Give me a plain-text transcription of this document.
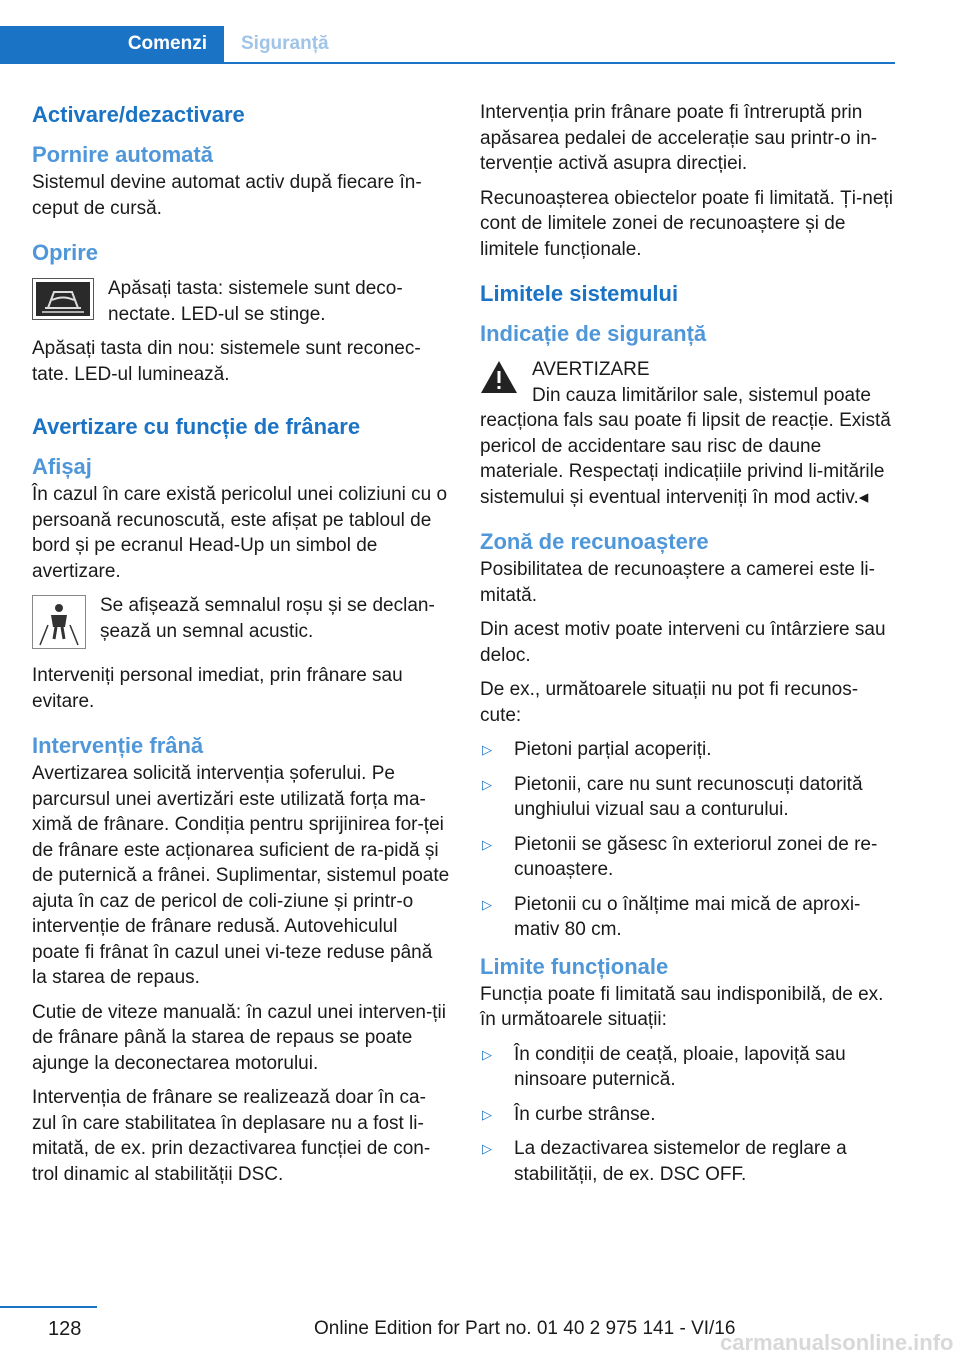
Comenzi	Siguranță
Activare/dezactivare
Pornire automată

Sistemul devine automat activ după fiecare în-ceput de cursă.

Oprire

Apăsați tasta: sistemele sunt deco-nectate. LED-ul se stinge.

Apăsați tasta din nou: sistemele sunt reconec-tate. LED-ul luminează.

Avertizare cu funcție de frânare
Afișaj

În cazul în care există pericolul unei coliziuni cu o persoană recunoscută, este afișat pe tabloul de bord și pe ecranul Head-Up un simbol de avertizare.

Se afișează semnalul roșu și se declan-șează un semnal acustic.

Interveniți personal imediat, prin frânare sau evitare.

Intervenție frână

Avertizarea solicită intervenția șoferului. Pe parcursul unei avertizări este utilizată forța ma-ximă de frânare. Condiția pentru sprijinirea for-ței de frânare este acționarea suficient de ra-pidă și de puternică a frânei. Suplimentar, sistemul poate ajuta în caz de pericol de coli-ziune și printr-o intervenție de frânare redusă. Autovehiculul poate fi frânat în cazul unei vi-teze reduse până la starea de repaus.

Cutie de viteze manuală: în cazul unei interven-ții de frânare până la starea de repaus se poate ajunge la deconectarea motorului.

Intervenția de frânare se realizează doar în ca-zul în care stabilitatea în deplasare nu a fost li-mitată, de ex. prin dezactivarea funcției de con-trol dinamic al stabilității DSC.

Intervenția prin frânare poate fi întreruptă prin apăsarea pedalei de accelerație sau printr-o in-tervenție activă asupra direcției.

Recunoașterea obiectelor poate fi limitată. Ți-neți cont de limitele zonei de recunoaștere și de limitele funcționale.

Limitele sistemului
Indicație de siguranță

AVERTIZARE

Din cauza limitărilor sale, sistemul poate

reacționa fals sau poate fi lipsit de reacție. Există pericol de accidentare sau risc de daune materiale. Respectați indicațiile privind li-mitările sistemului și eventual interveniți în mod activ.◂

Zonă de recunoaștere

Posibilitatea de recunoaștere a camerei este li-mitată.

Din acest motiv poate interveni cu întârziere sau deloc.

De ex., următoarele situații nu pot fi recunos-cute:

▷	Pietoni parțial acoperiți.
▷	Pietonii, care nu sunt recunoscuți datorită unghiului vizual sau a conturului.
▷	Pietonii se găsesc în exteriorul zonei de re-cunoaștere.
▷	Pietonii cu o înălțime mai mică de aproxi-mativ 80 cm.
Limite funcționale

Funcția poate fi limitată sau indisponibilă, de ex. în următoarele situații:

▷	În condiții de ceață, ploaie, lapoviță sau ninsoare puternică.
▷	În curbe strânse.
▷	La dezactivarea sistemelor de reglare a stabilității, de ex. DSC OFF.
128	Online Edition for Part no. 01 40 2 975 141 - VI/16
carmanualsonline.info
